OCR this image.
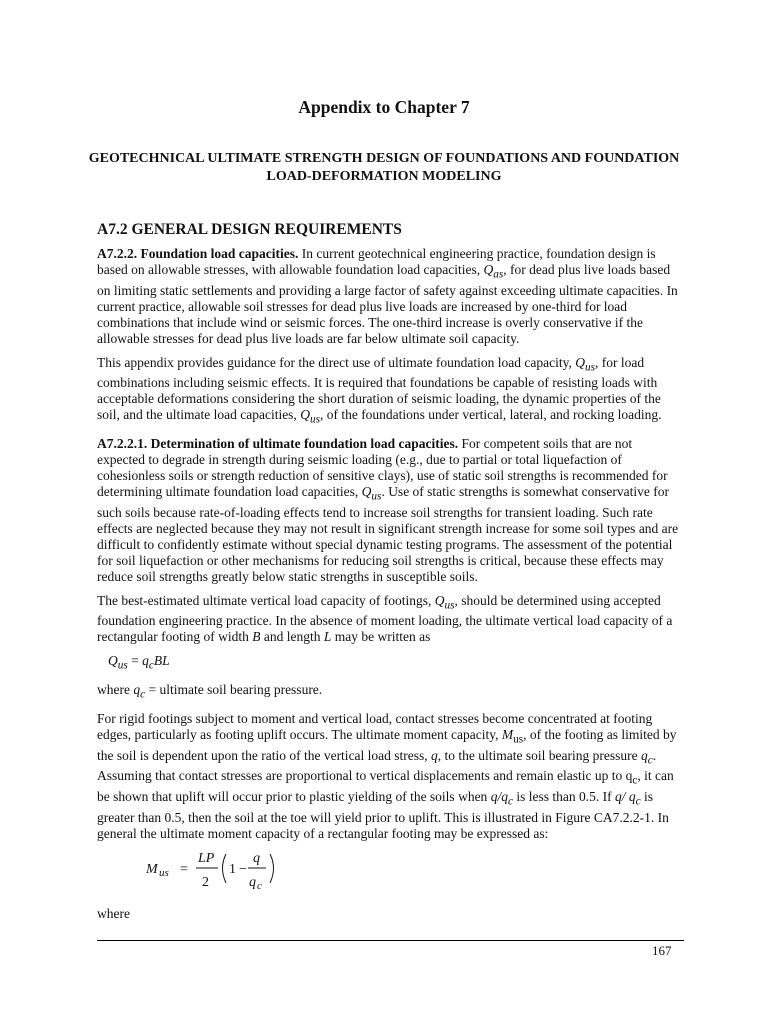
Appendix to Chapter 7
GEOTECHNICAL ULTIMATE STRENGTH DESIGN OF FOUNDATIONS AND FOUNDATION LOAD-DEFORMATION MODELING
A7.2 GENERAL DESIGN REQUIREMENTS

A7.2.2. Foundation load capacities. In current geotechnical engineering practice, foundation design is based on allowable stresses, with allowable foundation load capacities, $Q_{as}$, for dead plus live loads based on limiting static settlements and providing a large factor of safety against exceeding ultimate capacities. In current practice, allowable soil stresses for dead plus live loads are increased by one-third for load combinations that include wind or seismic forces. The one-third increase is overly conservative if the allowable stresses for dead plus live loads are far below ultimate soil capacity.

This appendix provides guidance for the direct use of ultimate foundation load capacity, $Q_{us}$, for load combinations including seismic effects. It is required that foundations be capable of resisting loads with acceptable deformations considering the short duration of seismic loading, the dynamic properties of the soil, and the ultimate load capacities, $Q_{us}$, of the foundations under vertical, lateral, and rocking loading.

A7.2.2.1. Determination of ultimate foundation load capacities. For competent soils that are not expected to degrade in strength during seismic loading (e.g., due to partial or total liquefaction of cohesionless soils or strength reduction of sensitive clays), use of static soil strengths is recommended for determining ultimate foundation load capacities, $Q_{us}$. Use of static strengths is somewhat conservative for such soils because rate-of-loading effects tend to increase soil strengths for transient loading. Such rate effects are neglected because they may not result in significant strength increase for some soil types and are difficult to confidently estimate without special dynamic testing programs. The assessment of the potential for soil liquefaction or other mechanisms for reducing soil strengths is critical, because these effects may reduce soil strengths greatly below static strengths in susceptible soils.

The best-estimated ultimate vertical load capacity of footings, $Q_{us}$, should be determined using accepted foundation engineering practice. In the absence of moment loading, the ultimate vertical load capacity of a rectangular footing of width B and length L may be written as

$Q_{us} = q_cBL$

where $q_c$ = ultimate soil bearing pressure.

For rigid footings subject to moment and vertical load, contact stresses become concentrated at footing edges, particularly as footing uplift occurs. The ultimate moment capacity, $M_{us}$, of the footing as limited by the soil is dependent upon the ratio of the vertical load stress, q, to the ultimate soil bearing pressure $q_c$. Assuming that contact stresses are proportional to vertical displacements and remain elastic up to $q_c$, it can be shown that uplift will occur prior to plastic yielding of the soils when $q/q_c$ is less than 0.5. If q/ $q_c$ is greater than 0.5, then the soil at the toe will yield prior to uplift. This is illustrated in Figure CA7.2.2-1. In general the ultimate moment capacity of a rectangular footing may be expressed as:

M us =
LP
2
1 −
q
q c
where
167
